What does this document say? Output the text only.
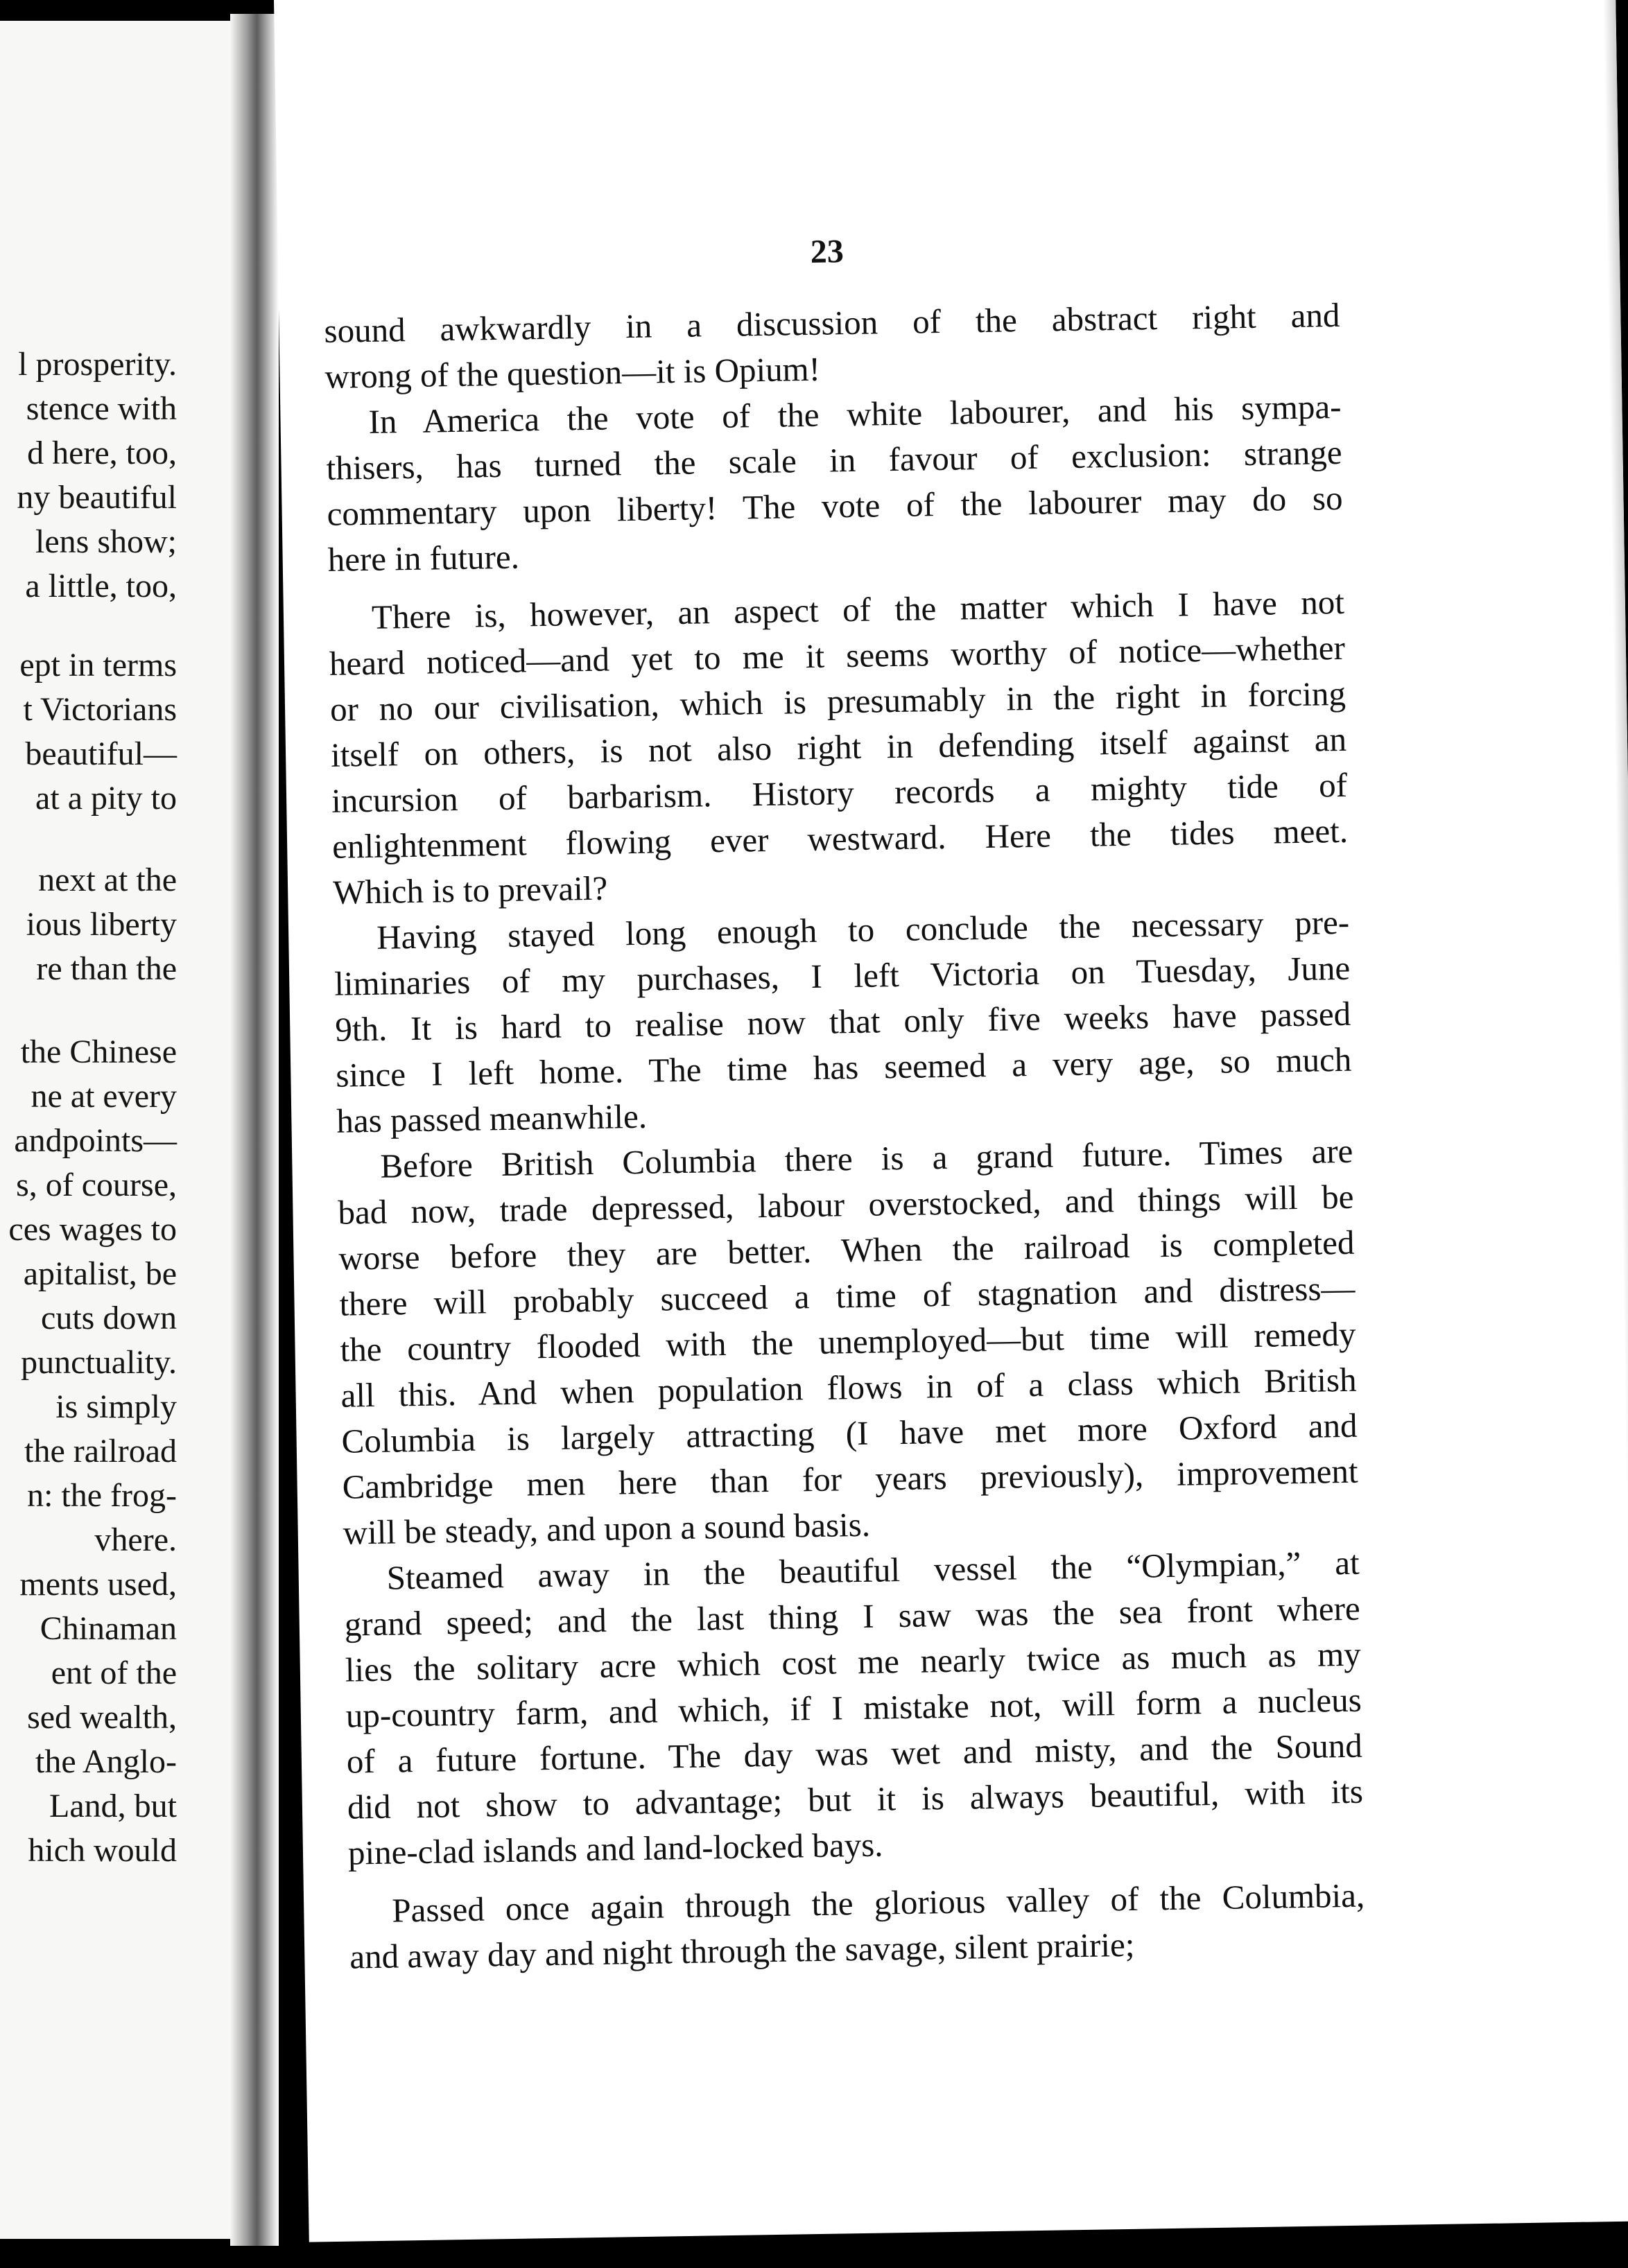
l prosperity.
stence with
d here, too,
ny beautiful
lens show;
a little, too,
ept in terms
t Victorians
beautiful—
at a pity to
next at the
ious liberty
re than the
the Chinese
ne at every
andpoints—
s, of course,
ces wages to
apitalist, be
cuts down
punctuality.
is simply
the railroad
n: the frog-
vhere.
ments used,
Chinaman
ent of the
sed wealth,
the Anglo-
Land, but
hich would
23
sound awkwardly in a discussion of the abstract right and
wrong of the question—it is Opium!
In America the vote of the white labourer, and his sympa-
thisers, has turned the scale in favour of exclusion: strange
commentary upon liberty! The vote of the labourer may do so
here in future.
There is, however, an aspect of the matter which I have not
heard noticed—and yet to me it seems worthy of notice—whether
or no our civilisation, which is presumably in the right in forcing
itself on others, is not also right in defending itself against an
incursion of barbarism. History records a mighty tide of
enlightenment flowing ever westward. Here the tides meet.
Which is to prevail?
Having stayed long enough to conclude the necessary pre-
liminaries of my purchases, I left Victoria on Tuesday, June
9th. It is hard to realise now that only five weeks have passed
since I left home. The time has seemed a very age, so much
has passed meanwhile.
Before British Columbia there is a grand future. Times are
bad now, trade depressed, labour overstocked, and things will be
worse before they are better. When the railroad is completed
there will probably succeed a time of stagnation and distress—
the country flooded with the unemployed—but time will remedy
all this. And when population flows in of a class which British
Columbia is largely attracting (I have met more Oxford and
Cambridge men here than for years previously), improvement
will be steady, and upon a sound basis.
Steamed away in the beautiful vessel the “Olympian,” at
grand speed; and the last thing I saw was the sea front where
lies the solitary acre which cost me nearly twice as much as my
up-country farm, and which, if I mistake not, will form a nucleus
of a future fortune. The day was wet and misty, and the Sound
did not show to advantage; but it is always beautiful, with its
pine-clad islands and land-locked bays.
Passed once again through the glorious valley of the Columbia,
and away day and night through the savage, silent prairie;
